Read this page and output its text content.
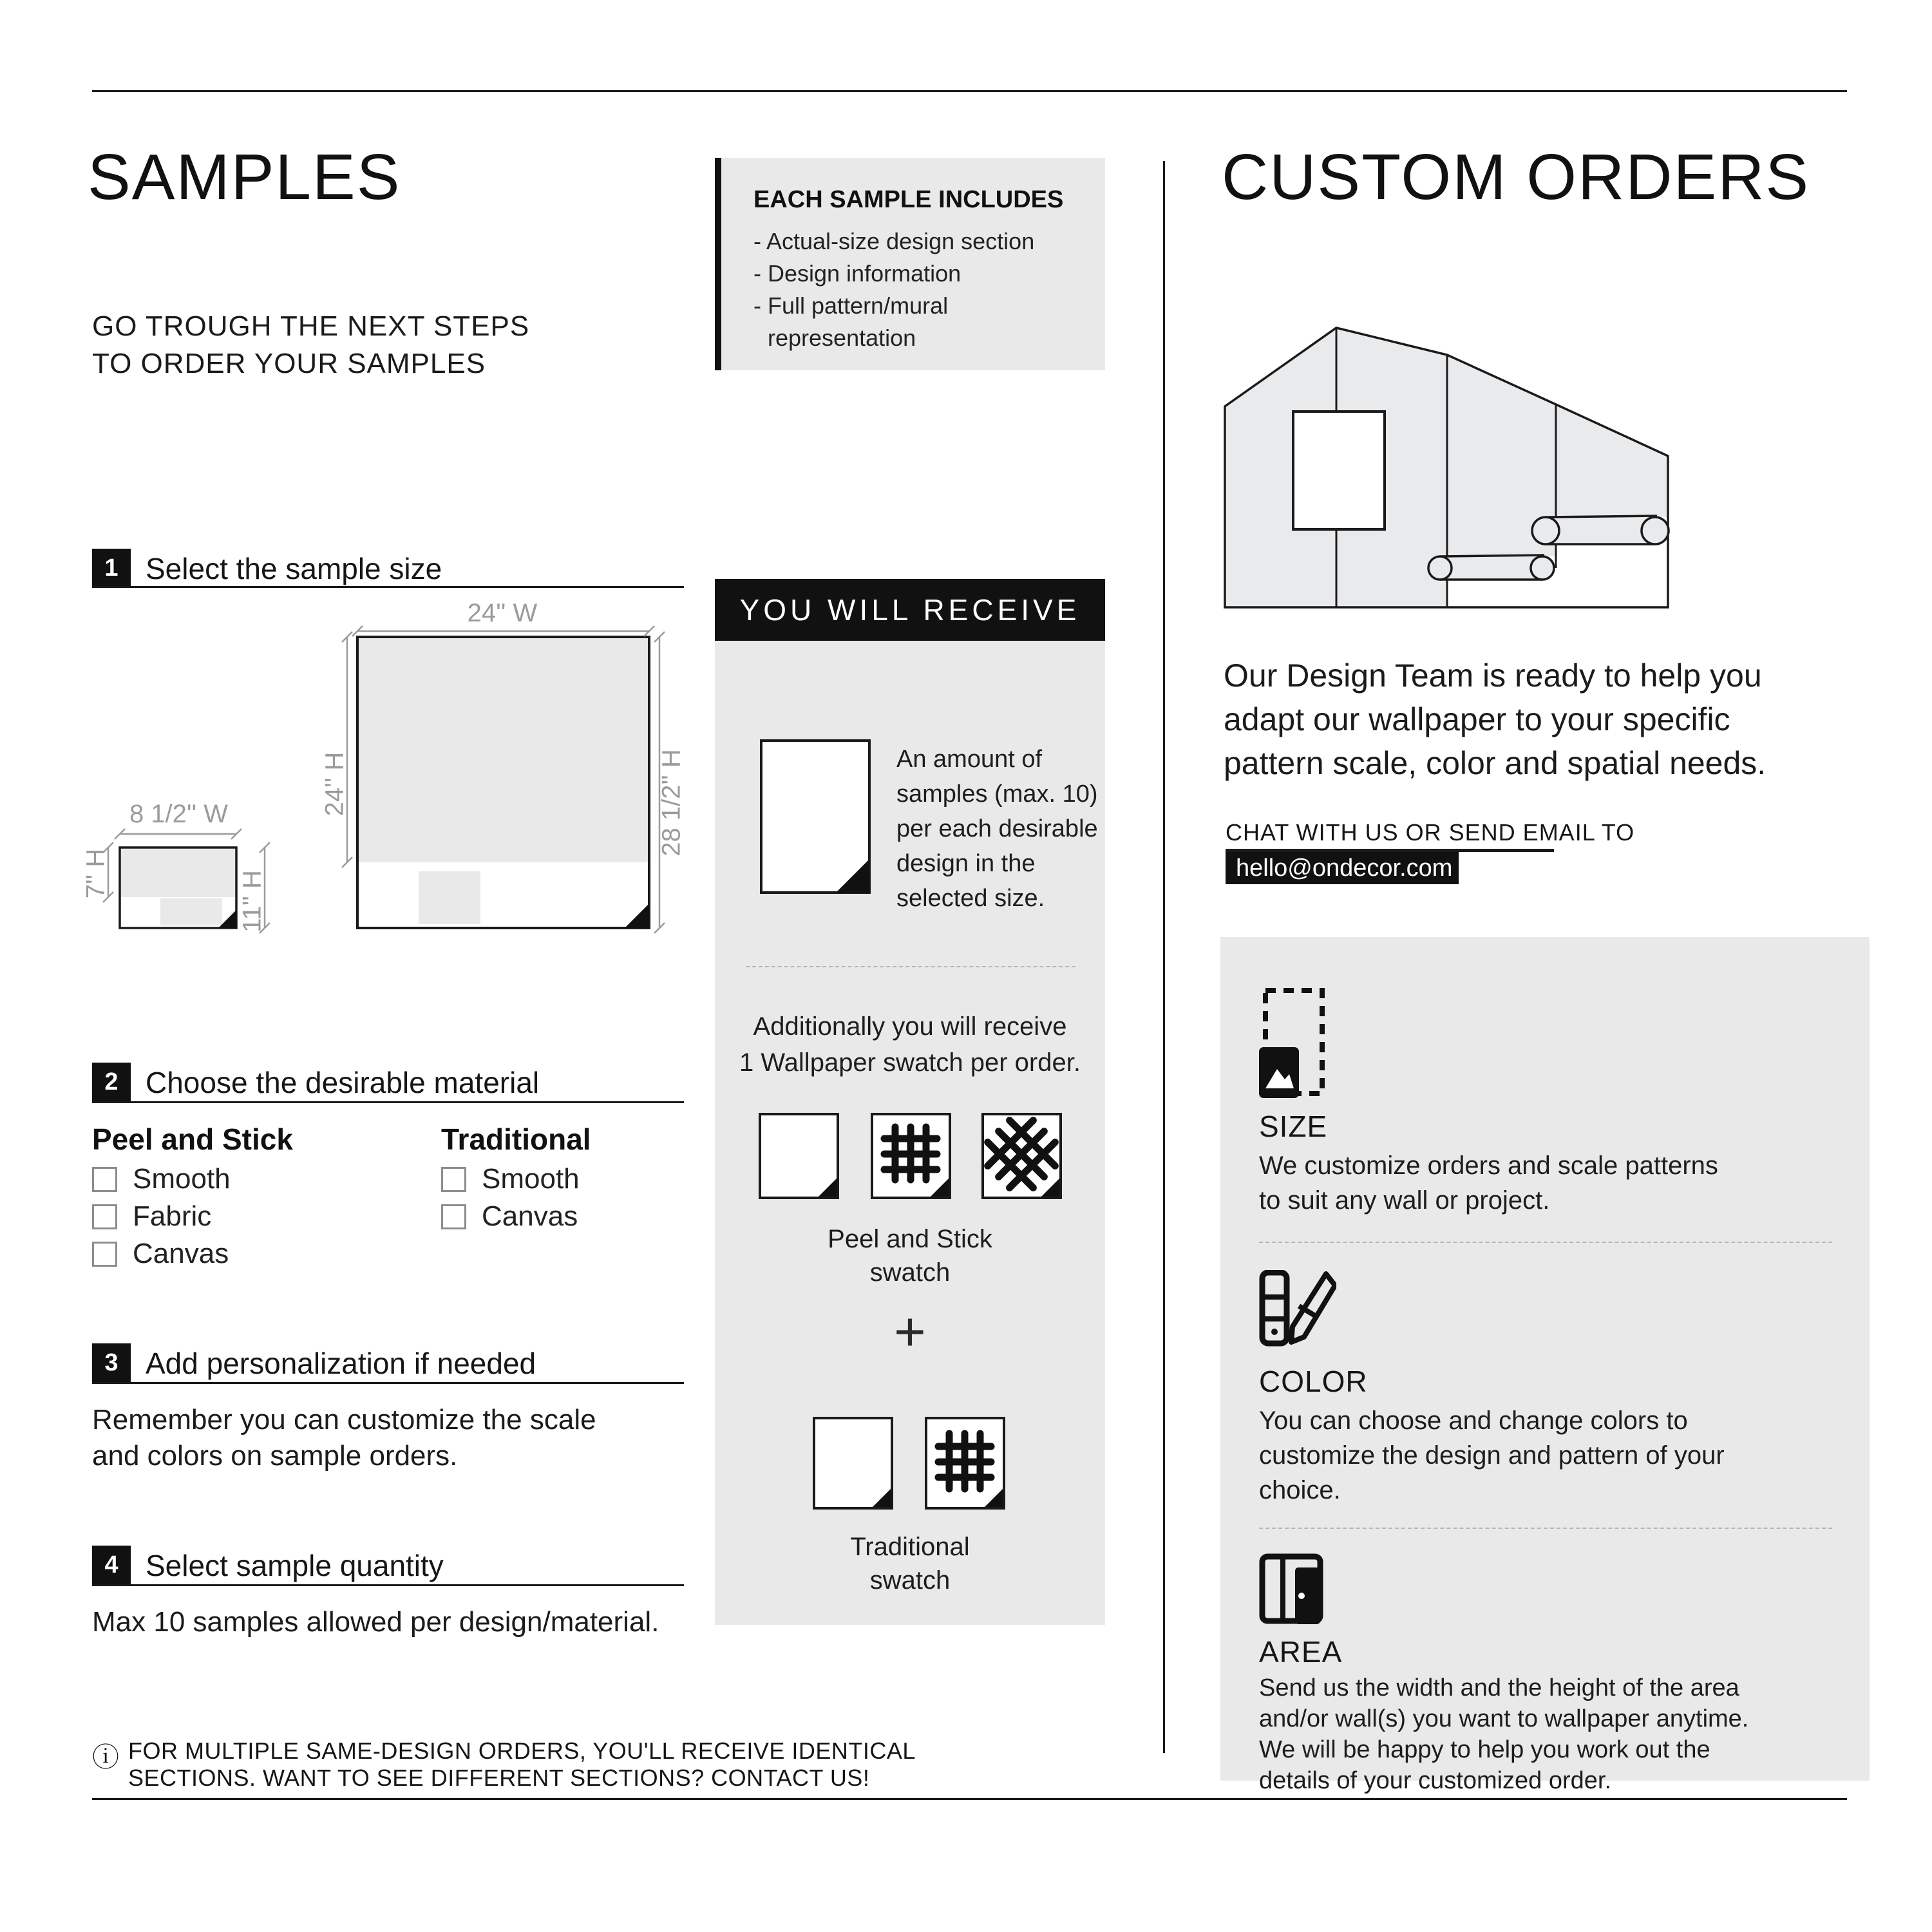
SAMPLES
GO TROUGH THE NEXT STEPS
TO ORDER YOUR SAMPLES
1 Select the sample size
24'' W
8 1/2'' W
7'' H	11'' H
24'' H	28 1/2'' H
2 Choose the desirable material
Peel and Stick	Traditional
Smooth
Fabric
Canvas
Smooth
Canvas
3 Add personalization if needed
Remember you can customize the scale
and colors on sample orders.
4 Select sample quantity
Max 10 samples allowed per design/material.
ⓘ FOR MULTIPLE SAME-DESIGN ORDERS, YOU'LL RECEIVE IDENTICAL
SECTIONS. WANT TO SEE DIFFERENT SECTIONS? CONTACT US!
EACH SAMPLE INCLUDES
- Actual-size design section
- Design information
- Full pattern/mural
representation
YOU WILL RECEIVE
An amount of
samples (max. 10)
per each desirable
design in the
selected size.
Additionally you will receive
1 Wallpaper swatch per order.
Peel and Stick
swatch
+
Traditional
swatch
CUSTOM ORDERS
Our Design Team is ready to help you
adapt our wallpaper to your specific
pattern scale, color and spatial needs.
CHAT WITH US OR SEND EMAIL TO
hello@ondecor.com
SIZE
We customize orders and scale patterns
to suit any wall or project.
COLOR
You can choose and change colors to
customize the design and pattern of your
choice.
AREA
Send us the width and the height of the area
and/or wall(s) you want to wallpaper anytime.
We will be happy to help you work out the
details of your customized order.
